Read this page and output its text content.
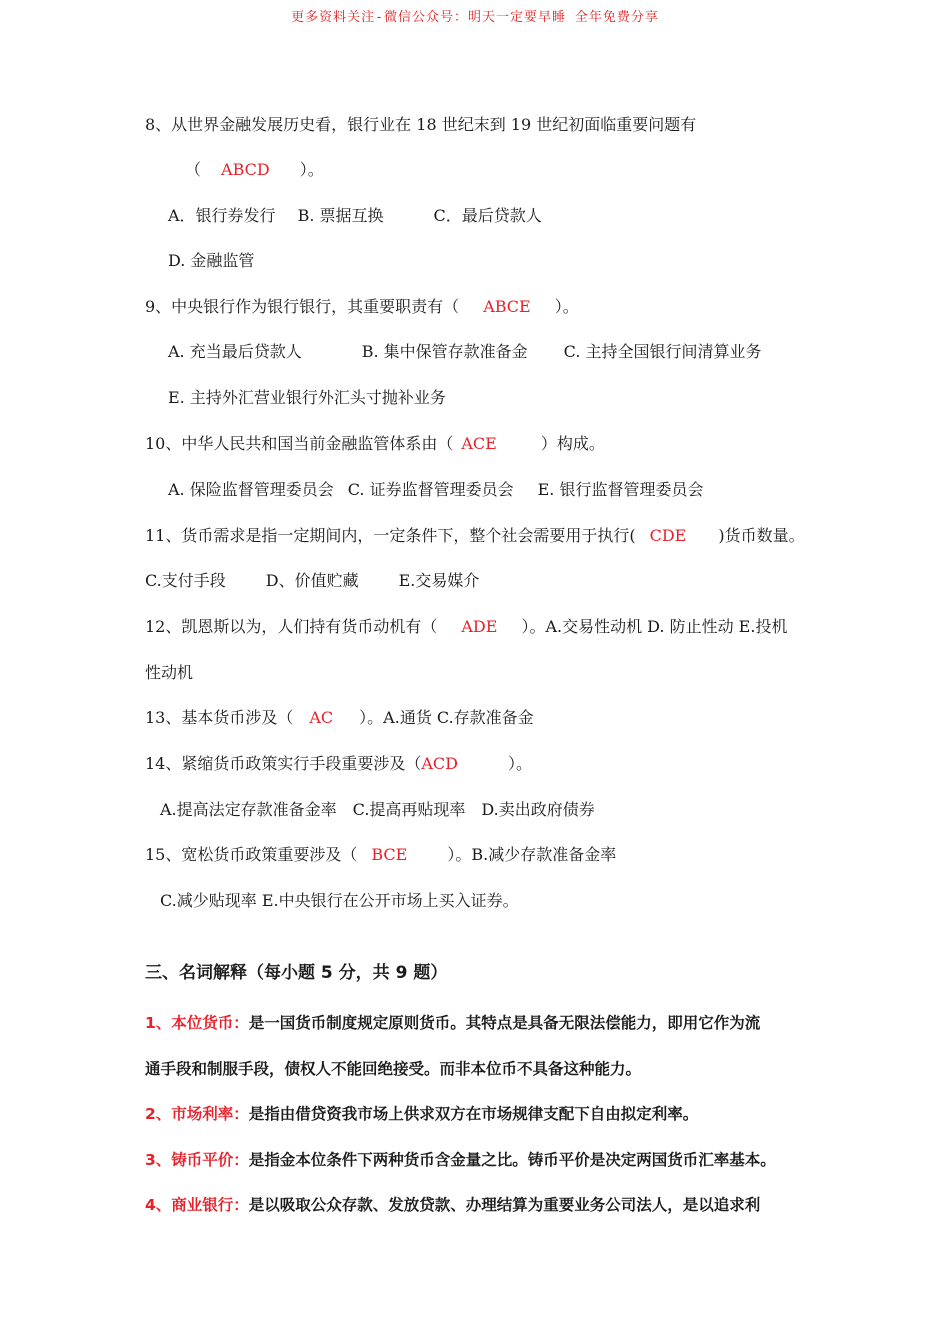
更多资料关注-微信公众号：明天一定要早睡 全年免费分享
8、从世界金融发展历史看，银行业在 18 世纪末到 19 世纪初面临重要问题有
（ ABCD ）。
A．银行券发行 B. 票据互换	C．最后贷款人
D. 金融监管
9、中央银行作为银行银行，其重要职责有（ ABCE ）。
A. 充当最后贷款人	B. 集中保管存款准备金 C. 主持全国银行间清算业务
E. 主持外汇营业银行外汇头寸抛补业务
10、中华人民共和国当前金融监管体系由（ ACE	）构成。
A. 保险监督管理委员会 C. 证券监督管理委员会 E. 银行监督管理委员会
11、货币需求是指一定期间内，一定条件下，整个社会需要用于执行( CDE )货币数量。
C.支付手段	D、价值贮藏	E.交易媒介
12、凯恩斯以为，人们持有货币动机有（ ADE ）。A.交易性动机 D. 防止性动 E.投机
性动机
13、基本货币涉及（ AC ）。A.通货 C.存款准备金
14、紧缩货币政策实行手段重要涉及（ACD	）。
A.提高法定存款准备金率　C.提高再贴现率　D.卖出政府债券
15、宽松货币政策重要涉及（ BCE	）。B.减少存款准备金率
C.减少贴现率 E.中央银行在公开市场上买入证券。
三、名词解释（每小题 5 分，共 9 题）
1、本位货币：是一国货币制度规定原则货币。其特点是具备无限法偿能力，即用它作为流
通手段和制服手段，债权人不能回绝接受。而非本位币不具备这种能力。
2、市场利率：是指由借贷资我市场上供求双方在市场规律支配下自由拟定利率。
3、铸币平价：是指金本位条件下两种货币含金量之比。铸币平价是决定两国货币汇率基本。
4、商业银行：是以吸取公众存款、发放贷款、办理结算为重要业务公司法人，是以追求利
